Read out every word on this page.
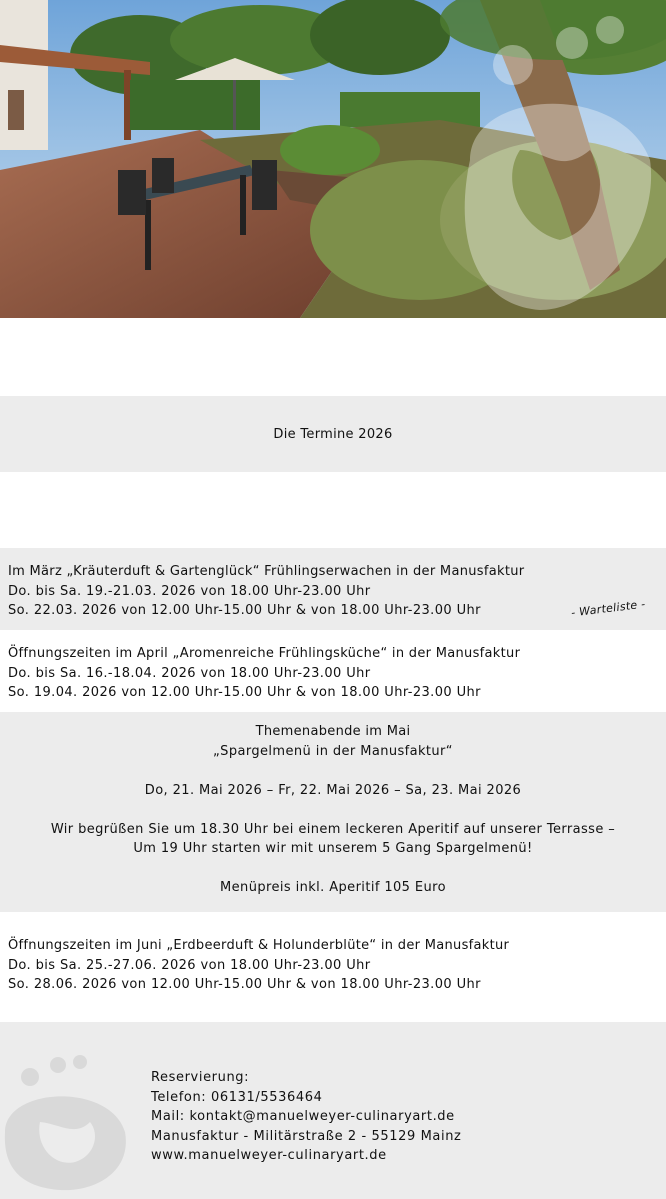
Die Termine 2026
Im März „Kräuterduft & Gartenglück“ Frühlingserwachen in der Manusfaktur
Do. bis Sa. 19.-21.03. 2026 von 18.00 Uhr-23.00 Uhr
So. 22.03. 2026 von 12.00 Uhr-15.00 Uhr & von 18.00 Uhr-23.00 Uhr	- Warteliste -
Öffnungszeiten im April „Aromenreiche Frühlingsküche“ in der Manusfaktur
Do. bis Sa. 16.-18.04. 2026 von 18.00 Uhr-23.00 Uhr
So. 19.04. 2026 von 12.00 Uhr-15.00 Uhr & von 18.00 Uhr-23.00 Uhr
Themenabende im Mai
„Spargelmenü in der Manusfaktur“
Do, 21. Mai 2026 – Fr, 22. Mai 2026 – Sa, 23. Mai 2026
Wir begrüßen Sie um 18.30 Uhr bei einem leckeren Aperitif auf unserer Terrasse –
Um 19 Uhr starten wir mit unserem 5 Gang Spargelmenü!
Menüpreis inkl. Aperitif 105 Euro
Öffnungszeiten im Juni „Erdbeerduft & Holunderblüte“ in der Manusfaktur
Do. bis Sa. 25.-27.06. 2026 von 18.00 Uhr-23.00 Uhr
So. 28.06. 2026 von 12.00 Uhr-15.00 Uhr & von 18.00 Uhr-23.00 Uhr
Reservierung:
Telefon: 06131/5536464
Mail: kontakt@manuelweyer-culinaryart.de
Manusfaktur - Militärstraße 2 - 55129 Mainz
www.manuelweyer-culinaryart.de
